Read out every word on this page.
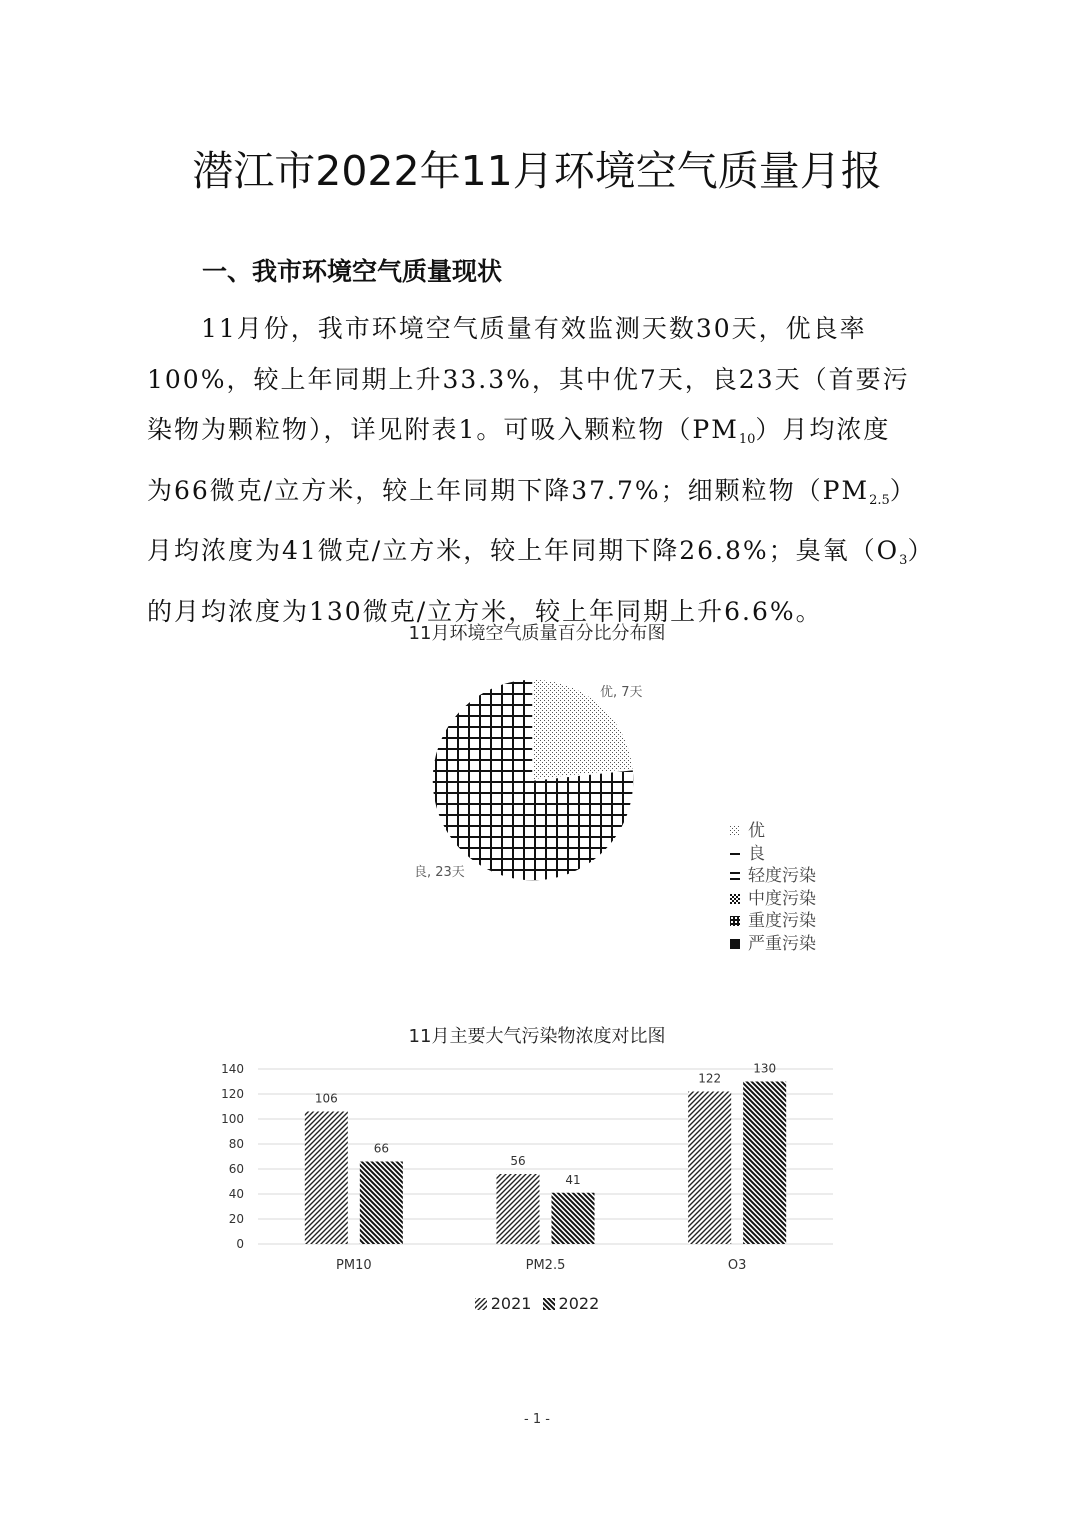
潜江市2022年11月环境空气质量月报
一、我市环境空气质量现状
11月份，我市环境空气质量有效监测天数30天，优良率
100%，较上年同期上升33.3%，其中优7天，良23天（首要污
染物为颗粒物），详见附表1。可吸入颗粒物$(PM_{10})$月均浓度
为66微克/立方米，较上年同期下降37.7%；细颗粒物$(PM_{2.5})$
月均浓度为41微克/立方米，较上年同期下降26.8%；臭氧$(O_3)$
的月均浓度为130微克/立方米，较上年同期上升6.6%。
11月环境空气质量百分比分布图
优, 7天
良, 23天
优
良
轻度污染
中度污染
重度污染
严重污染
11月主要大气污染物浓度对比图
0
20
40
60
80
100
120
140
106
66
PM10
56
41
PM2.5
122
130
O3
2021
2022
- 1 -
